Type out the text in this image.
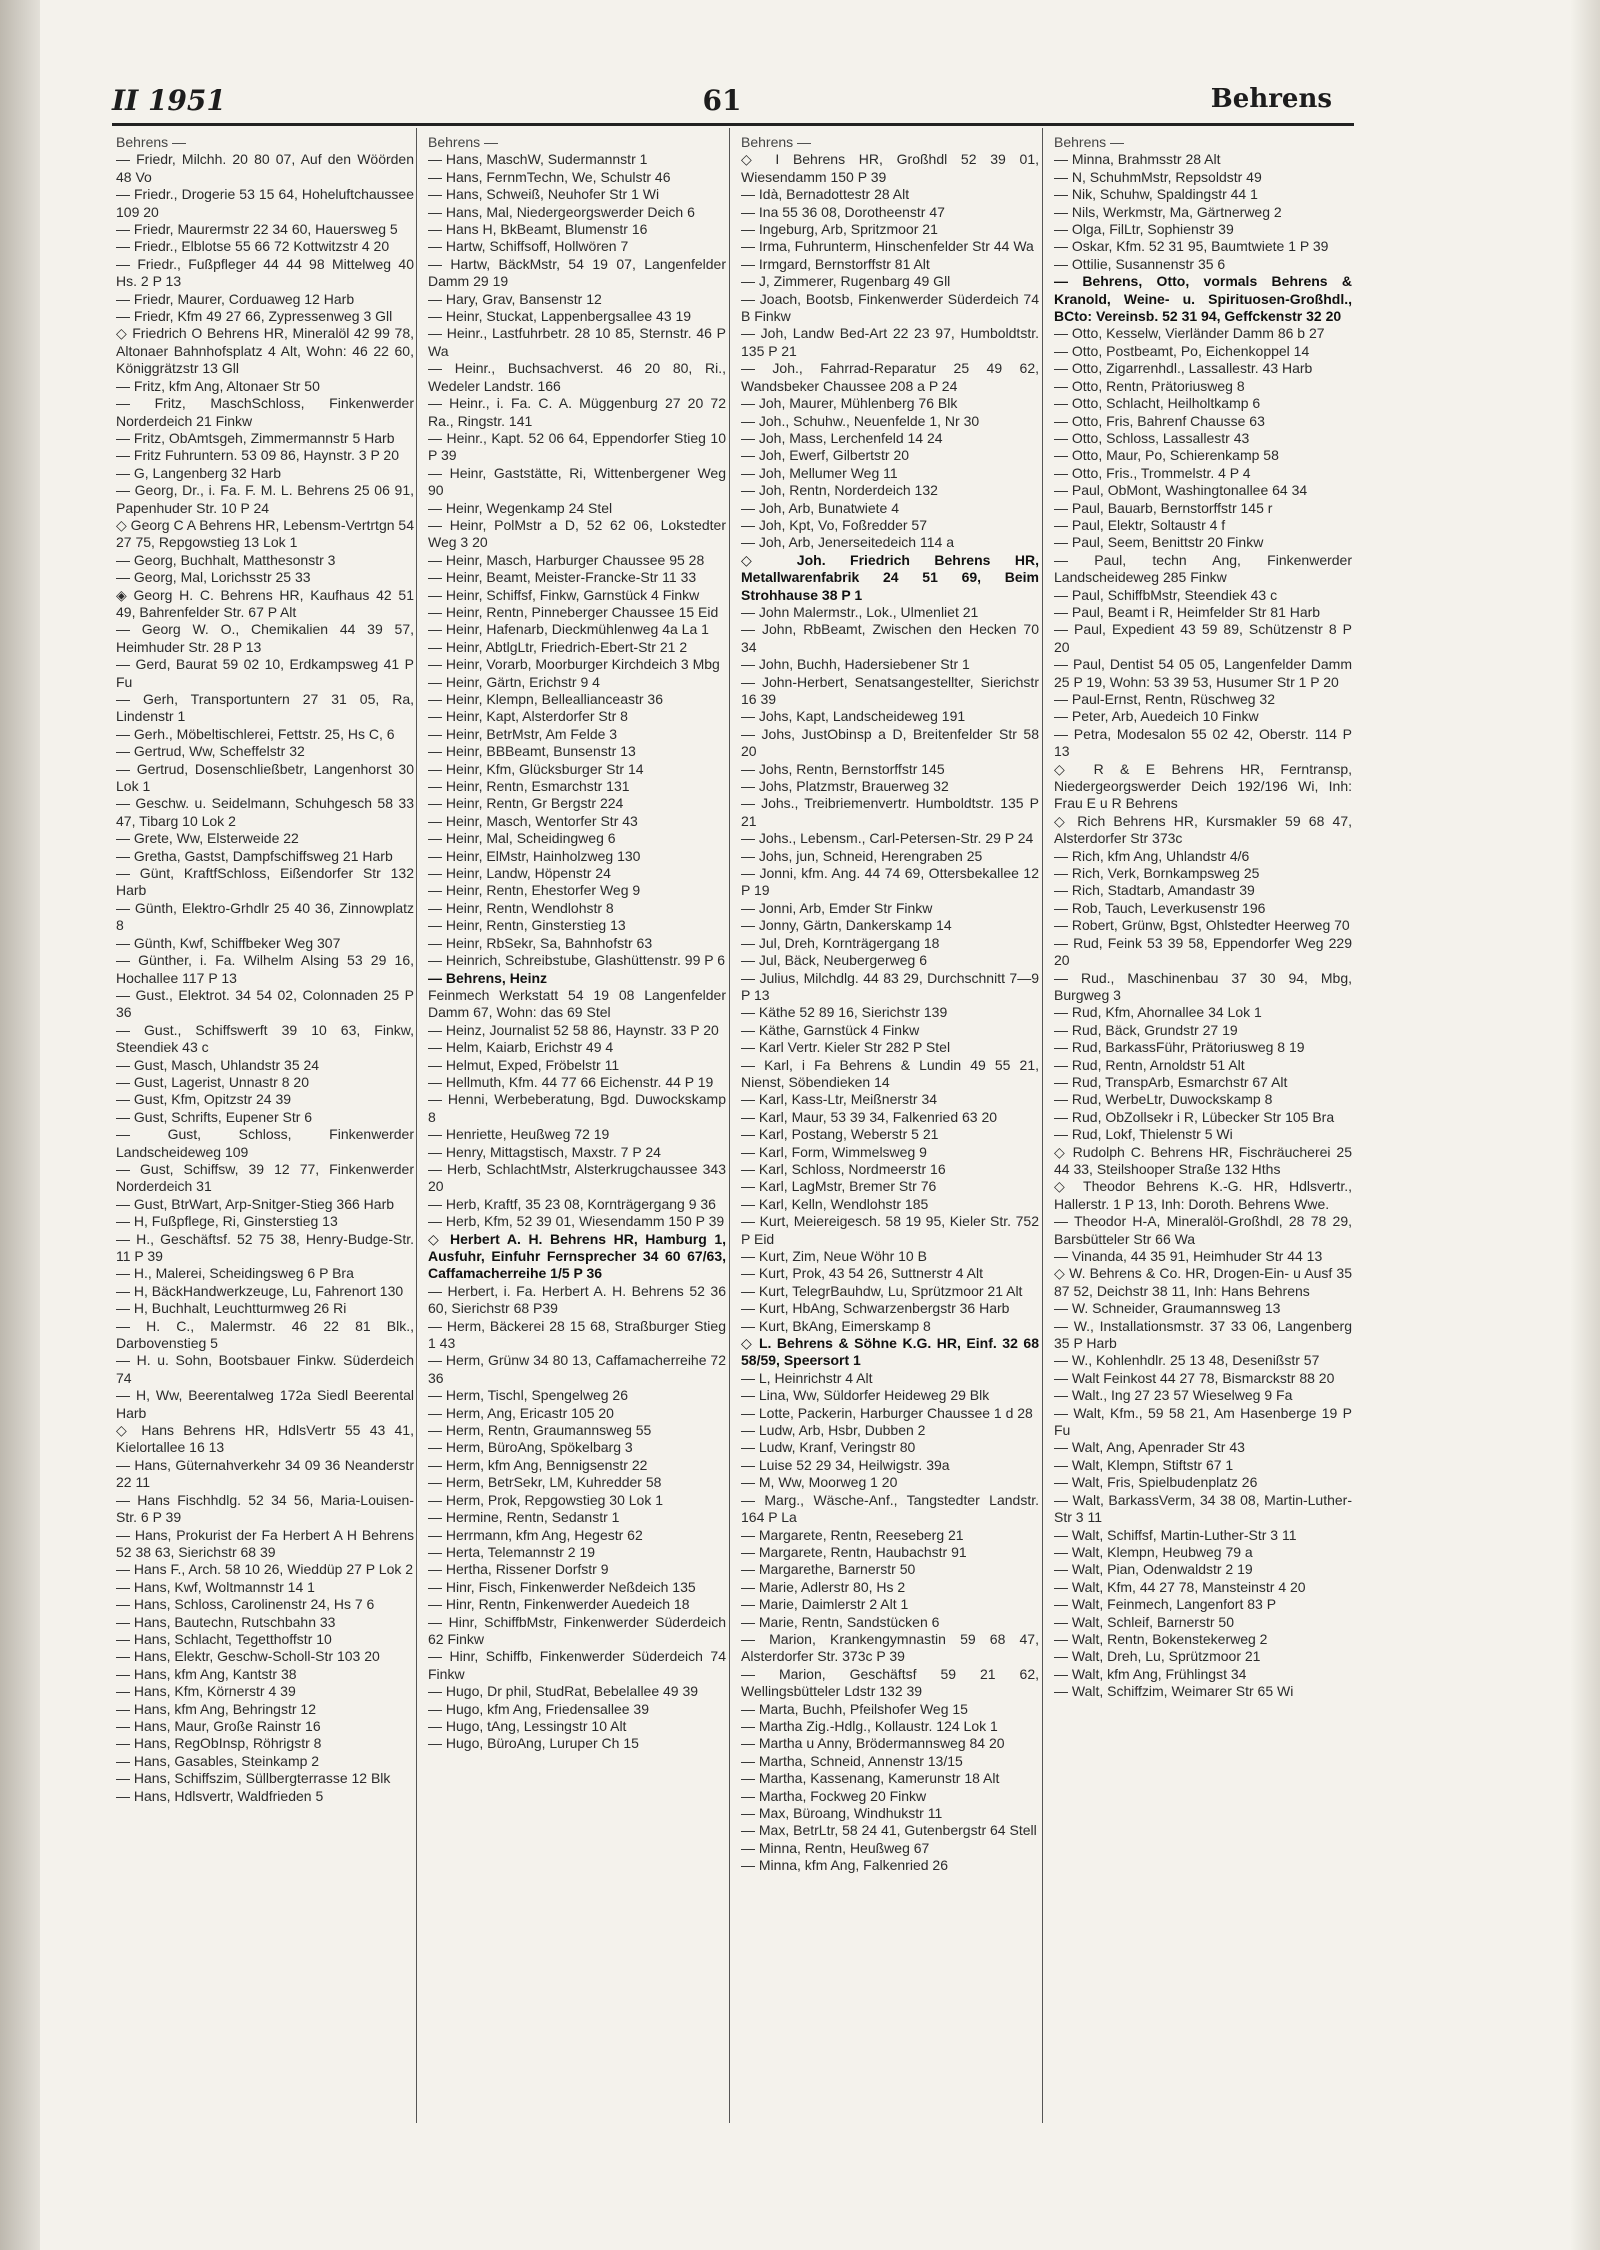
II 1951	61	Behrens
Behrens —
— Friedr, Milchh. 20 80 07, Auf den Wöörden 48 Vo
— Friedr., Drogerie 53 15 64, Hoheluftchaussee 109 20
— Friedr, Maurermstr 22 34 60, Hauersweg 5
— Friedr., Elblotse 55 66 72 Kottwitzstr 4 20
— Friedr., Fußpfleger 44 44 98 Mittelweg 40 Hs. 2 P 13
— Friedr, Maurer, Corduaweg 12 Harb
— Friedr, Kfm 49 27 66, Zypressenweg 3 Gll
◇ Friedrich O Behrens HR, Mineralöl 42 99 78, Altonaer Bahnhofsplatz 4 Alt, Wohn: 46 22 60, Königgrätzstr 13 Gll
— Fritz, kfm Ang, Altonaer Str 50
— Fritz, MaschSchloss, Finkenwerder Norderdeich 21 Finkw
— Fritz, ObAmtsgeh, Zimmermannstr 5 Harb
— Fritz Fuhruntern. 53 09 86, Haynstr. 3 P 20
— G, Langenberg 32 Harb
— Georg, Dr., i. Fa. F. M. L. Behrens 25 06 91, Papenhuder Str. 10 P 24
◇ Georg C A Behrens HR, Lebensm-Vertrtgn 54 27 75, Repgowstieg 13 Lok 1
— Georg, Buchhalt, Matthesonstr 3
— Georg, Mal, Lorichsstr 25 33
◈ Georg H. C. Behrens HR, Kaufhaus 42 51 49, Bahrenfelder Str. 67 P Alt
— Georg W. O., Chemikalien 44 39 57, Heimhuder Str. 28 P 13
— Gerd, Baurat 59 02 10, Erdkampsweg 41 P Fu
— Gerh, Transportuntern 27 31 05, Ra, Lindenstr 1
— Gerh., Möbeltischlerei, Fettstr. 25, Hs C, 6
— Gertrud, Ww, Scheffelstr 32
— Gertrud, Dosenschließbetr, Langenhorst 30 Lok 1
— Geschw. u. Seidelmann, Schuhgesch 58 33 47, Tibarg 10 Lok 2
— Grete, Ww, Elsterweide 22
— Gretha, Gastst, Dampfschiffsweg 21 Harb
— Günt, KraftfSchloss, Eißendorfer Str 132 Harb
— Günth, Elektro-Grhdlr 25 40 36, Zinnowplatz 8
— Günth, Kwf, Schiffbeker Weg 307
— Günther, i. Fa. Wilhelm Alsing 53 29 16, Hochallee 117 P 13
— Gust., Elektrot. 34 54 02, Colonnaden 25 P 36
— Gust., Schiffswerft 39 10 63, Finkw, Steendiek 43 c
— Gust, Masch, Uhlandstr 35 24
— Gust, Lagerist, Unnastr 8 20
— Gust, Kfm, Opitzstr 24 39
— Gust, Schrifts, Eupener Str 6
— Gust, Schloss, Finkenwerder Landscheideweg 109
— Gust, Schiffsw, 39 12 77, Finkenwerder Norderdeich 31
— Gust, BtrWart, Arp-Snitger-Stieg 366 Harb
— H, Fußpflege, Ri, Ginsterstieg 13
— H., Geschäftsf. 52 75 38, Henry-Budge-Str. 11 P 39
— H., Malerei, Scheidingsweg 6 P Bra
— H, BäckHandwerkzeuge, Lu, Fahrenort 130
— H, Buchhalt, Leuchtturmweg 26 Ri
— H. C., Malermstr. 46 22 81 Blk., Darbovenstieg 5
— H. u. Sohn, Bootsbauer Finkw. Süderdeich 74
— H, Ww, Beerentalweg 172a Siedl Beerental Harb
◇ Hans Behrens HR, HdlsVertr 55 43 41, Kielortallee 16 13
— Hans, Güternahverkehr 34 09 36 Neanderstr 22 11
— Hans Fischhdlg. 52 34 56, Maria-Louisen-Str. 6 P 39
— Hans, Prokurist der Fa Herbert A H Behrens 52 38 63, Sierichstr 68 39
— Hans F., Arch. 58 10 26, Wieddüp 27 P Lok 2
— Hans, Kwf, Woltmannstr 14 1
— Hans, Schloss, Carolinenstr 24, Hs 7 6
— Hans, Bautechn, Rutschbahn 33
— Hans, Schlacht, Tegetthoffstr 10
— Hans, Elektr, Geschw-Scholl-Str 103 20
— Hans, kfm Ang, Kantstr 38
— Hans, Kfm, Körnerstr 4 39
— Hans, kfm Ang, Behringstr 12
— Hans, Maur, Große Rainstr 16
— Hans, RegObInsp, Röhrigstr 8
— Hans, Gasables, Steinkamp 2
— Hans, Schiffszim, Süllbergterrasse 12 Blk
— Hans, Hdlsvertr, Waldfrieden 5
Behrens —
— Hans, MaschW, Sudermannstr 1
— Hans, FernmTechn, We, Schulstr 46
— Hans, Schweiß, Neuhofer Str 1 Wi
— Hans, Mal, Niedergeorgswerder Deich 6
— Hans H, BkBeamt, Blumenstr 16
— Hartw, Schiffsoff, Hollwören 7
— Hartw, BäckMstr, 54 19 07, Langenfelder Damm 29 19
— Hary, Grav, Bansenstr 12
— Heinr, Stuckat, Lappenbergsallee 43 19
— Heinr., Lastfuhrbetr. 28 10 85, Sternstr. 46 P Wa
— Heinr., Buchsachverst. 46 20 80, Ri., Wedeler Landstr. 166
— Heinr., i. Fa. C. A. Müggenburg 27 20 72 Ra., Ringstr. 141
— Heinr., Kapt. 52 06 64, Eppendorfer Stieg 10 P 39
— Heinr, Gaststätte, Ri, Wittenbergener Weg 90
— Heinr, Wegenkamp 24 Stel
— Heinr, PolMstr a D, 52 62 06, Lokstedter Weg 3 20
— Heinr, Masch, Harburger Chaussee 95 28
— Heinr, Beamt, Meister-Francke-Str 11 33
— Heinr, Schiffsf, Finkw, Garnstück 4 Finkw
— Heinr, Rentn, Pinneberger Chaussee 15 Eid
— Heinr, Hafenarb, Dieckmühlenweg 4a La 1
— Heinr, AbtlgLtr, Friedrich-Ebert-Str 21 2
— Heinr, Vorarb, Moorburger Kirchdeich 3 Mbg
— Heinr, Gärtn, Erichstr 9 4
— Heinr, Klempn, Belleallianceastr 36
— Heinr, Kapt, Alsterdorfer Str 8
— Heinr, BetrMstr, Am Felde 3
— Heinr, BBBeamt, Bunsenstr 13
— Heinr, Kfm, Glücksburger Str 14
— Heinr, Rentn, Esmarchstr 131
— Heinr, Rentn, Gr Bergstr 224
— Heinr, Masch, Wentorfer Str 43
— Heinr, Mal, Scheidingweg 6
— Heinr, ElMstr, Hainholzweg 130
— Heinr, Landw, Höpenstr 24
— Heinr, Rentn, Ehestorfer Weg 9
— Heinr, Rentn, Wendlohstr 8
— Heinr, Rentn, Ginsterstieg 13
— Heinr, RbSekr, Sa, Bahnhofstr 63
— Heinrich, Schreibstube, Glashüttenstr. 99 P 6
— Behrens, Heinz
Feinmech Werkstatt 54 19 08 Langenfelder Damm 67, Wohn: das 69 Stel
— Heinz, Journalist 52 58 86, Haynstr. 33 P 20
— Helm, Kaiarb, Erichstr 49 4
— Helmut, Exped, Fröbelstr 11
— Hellmuth, Kfm. 44 77 66 Eichenstr. 44 P 19
— Henni, Werbeberatung, Bgd. Duwockskamp 8
— Henriette, Heußweg 72 19
— Henry, Mittagstisch, Maxstr. 7 P 24
— Herb, SchlachtMstr, Alsterkrugchaussee 343 20
— Herb, Kraftf, 35 23 08, Kornträgergang 9 36
— Herb, Kfm, 52 39 01, Wiesendamm 150 P 39
◇ Herbert A. H. Behrens HR, Hamburg 1, Ausfuhr, Einfuhr Fernsprecher 34 60 67/63, Caffamacherreihe 1/5 P 36
— Herbert, i. Fa. Herbert A. H. Behrens 52 36 60, Sierichstr 68 P39
— Herm, Bäckerei 28 15 68, Straßburger Stieg 1 43
— Herm, Grünw 34 80 13, Caffamacherreihe 72 36
— Herm, Tischl, Spengelweg 26
— Herm, Ang, Ericastr 105 20
— Herm, Rentn, Graumannsweg 55
— Herm, BüroAng, Spökelbarg 3
— Herm, kfm Ang, Bennigsenstr 22
— Herm, BetrSekr, LM, Kuhredder 58
— Herm, Prok, Repgowstieg 30 Lok 1
— Hermine, Rentn, Sedanstr 1
— Herrmann, kfm Ang, Hegestr 62
— Herta, Telemannstr 2 19
— Hertha, Rissener Dorfstr 9
— Hinr, Fisch, Finkenwerder Neßdeich 135
— Hinr, Rentn, Finkenwerder Auedeich 18
— Hinr, SchiffbMstr, Finkenwerder Süderdeich 62 Finkw
— Hinr, Schiffb, Finkenwerder Süderdeich 74 Finkw
— Hugo, Dr phil, StudRat, Bebelallee 49 39
— Hugo, kfm Ang, Friedensallee 39
— Hugo, tAng, Lessingstr 10 Alt
— Hugo, BüroAng, Luruper Ch 15
Behrens —
◇ I Behrens HR, Großhdl 52 39 01, Wiesendamm 150 P 39
— Idà, Bernadottestr 28 Alt
— Ina 55 36 08, Dorotheenstr 47
— Ingeburg, Arb, Spritzmoor 21
— Irma, Fuhrunterm, Hinschenfelder Str 44 Wa
— Irmgard, Bernstorffstr 81 Alt
— J, Zimmerer, Rugenbarg 49 Gll
— Joach, Bootsb, Finkenwerder Süderdeich 74 B Finkw
— Joh, Landw Bed-Art 22 23 97, Humboldtstr. 135 P 21
— Joh., Fahrrad-Reparatur 25 49 62, Wandsbeker Chaussee 208 a P 24
— Joh, Maurer, Mühlenberg 76 Blk
— Joh., Schuhw., Neuenfelde 1, Nr 30
— Joh, Mass, Lerchenfeld 14 24
— Joh, Ewerf, Gilbertstr 20
— Joh, Mellumer Weg 11
— Joh, Rentn, Norderdeich 132
— Joh, Arb, Bunatwiete 4
— Joh, Kpt, Vo, Foßredder 57
— Joh, Arb, Jenerseitedeich 114 a
◇ Joh. Friedrich Behrens HR, Metallwarenfabrik 24 51 69, Beim Strohhause 38 P 1
— John Malermstr., Lok., Ulmenliet 21
— John, RbBeamt, Zwischen den Hecken 70 34
— John, Buchh, Hadersiebener Str 1
— John-Herbert, Senatsangestellter, Sierichstr 16 39
— Johs, Kapt, Landscheideweg 191
— Johs, JustObinsp a D, Breitenfelder Str 58 20
— Johs, Rentn, Bernstorffstr 145
— Johs, Platzmstr, Brauerweg 32
— Johs., Treibriemenvertr. Humboldtstr. 135 P 21
— Johs., Lebensm., Carl-Petersen-Str. 29 P 24
— Johs, jun, Schneid, Herengraben 25
— Jonni, kfm. Ang. 44 74 69, Ottersbekallee 12 P 19
— Jonni, Arb, Emder Str Finkw
— Jonny, Gärtn, Dankerskamp 14
— Jul, Dreh, Kornträgergang 18
— Jul, Bäck, Neubergerweg 6
— Julius, Milchdlg. 44 83 29, Durchschnitt 7—9 P 13
— Käthe 52 89 16, Sierichstr 139
— Käthe, Garnstück 4 Finkw
— Karl Vertr. Kieler Str 282 P Stel
— Karl, i Fa Behrens & Lundin 49 55 21, Nienst, Söbendieken 14
— Karl, Kass-Ltr, Meißnerstr 34
— Karl, Maur, 53 39 34, Falkenried 63 20
— Karl, Postang, Weberstr 5 21
— Karl, Form, Wimmelsweg 9
— Karl, Schloss, Nordmeerstr 16
— Karl, LagMstr, Bremer Str 76
— Karl, Kelln, Wendlohstr 185
— Kurt, Meiereigesch. 58 19 95, Kieler Str. 752 P Eid
— Kurt, Zim, Neue Wöhr 10 B
— Kurt, Prok, 43 54 26, Suttnerstr 4 Alt
— Kurt, TelegrBauhdw, Lu, Sprützmoor 21 Alt
— Kurt, HbAng, Schwarzenbergstr 36 Harb
— Kurt, BkAng, Eimerskamp 8
◇ L. Behrens & Söhne K.G. HR, Einf. 32 68 58/59, Speersort 1
— L, Heinrichstr 4 Alt
— Lina, Ww, Süldorfer Heideweg 29 Blk
— Lotte, Packerin, Harburger Chaussee 1 d 28
— Ludw, Arb, Hsbr, Dubben 2
— Ludw, Kranf, Veringstr 80
— Luise 52 29 34, Heilwigstr. 39a
— M, Ww, Moorweg 1 20
— Marg., Wäsche-Anf., Tangstedter Landstr. 164 P La
— Margarete, Rentn, Reeseberg 21
— Margarete, Rentn, Haubachstr 91
— Margarethe, Barnerstr 50
— Marie, Adlerstr 80, Hs 2
— Marie, Daimlerstr 2 Alt 1
— Marie, Rentn, Sandstücken 6
— Marion, Krankengymnastin 59 68 47, Alsterdorfer Str. 373c P 39
— Marion, Geschäftsf 59 21 62, Wellingsbütteler Ldstr 132 39
— Marta, Buchh, Pfeilshofer Weg 15
— Martha Zig.-Hdlg., Kollaustr. 124 Lok 1
— Martha u Anny, Brödermannsweg 84 20
— Martha, Schneid, Annenstr 13/15
— Martha, Kassenang, Kamerunstr 18 Alt
— Martha, Fockweg 20 Finkw
— Max, Büroang, Windhukstr 11
— Max, BetrLtr, 58 24 41, Gutenbergstr 64 Stell
— Minna, Rentn, Heußweg 67
— Minna, kfm Ang, Falkenried 26
Behrens —
— Minna, Brahmsstr 28 Alt
— N, SchuhmMstr, Repsoldstr 49
— Nik, Schuhw, Spaldingstr 44 1
— Nils, Werkmstr, Ma, Gärtnerweg 2
— Olga, FilLtr, Sophienstr 39
— Oskar, Kfm. 52 31 95, Baumtwiete 1 P 39
— Ottilie, Susannenstr 35 6
— Behrens, Otto, vormals Behrens & Kranold, Weine- u. Spirituosen-Großhdl., BCto: Vereinsb. 52 31 94, Geffckenstr 32 20
— Otto, Kesselw, Vierländer Damm 86 b 27
— Otto, Postbeamt, Po, Eichenkoppel 14
— Otto, Zigarrenhdl., Lassallestr. 43 Harb
— Otto, Rentn, Prätoriusweg 8
— Otto, Schlacht, Heilholtkamp 6
— Otto, Fris, Bahrenf Chausse 63
— Otto, Schloss, Lassallestr 43
— Otto, Maur, Po, Schierenkamp 58
— Otto, Fris., Trommelstr. 4 P 4
— Paul, ObMont, Washingtonallee 64 34
— Paul, Bauarb, Bernstorffstr 145 r
— Paul, Elektr, Soltaustr 4 f
— Paul, Seem, Benittstr 20 Finkw
— Paul, techn Ang, Finkenwerder Landscheideweg 285 Finkw
— Paul, SchiffbMstr, Steendiek 43 c
— Paul, Beamt i R, Heimfelder Str 81 Harb
— Paul, Expedient 43 59 89, Schützenstr 8 P 20
— Paul, Dentist 54 05 05, Langenfelder Damm 25 P 19, Wohn: 53 39 53, Husumer Str 1 P 20
— Paul-Ernst, Rentn, Rüschweg 32
— Peter, Arb, Auedeich 10 Finkw
— Petra, Modesalon 55 02 42, Oberstr. 114 P 13
◇ R & E Behrens HR, Ferntransp, Niedergeorgswerder Deich 192/196 Wi, Inh: Frau E u R Behrens
◇ Rich Behrens HR, Kursmakler 59 68 47, Alsterdorfer Str 373c
— Rich, kfm Ang, Uhlandstr 4/6
— Rich, Verk, Bornkampsweg 25
— Rich, Stadtarb, Amandastr 39
— Rob, Tauch, Leverkusenstr 196
— Robert, Grünw, Bgst, Ohlstedter Heerweg 70
— Rud, Feink 53 39 58, Eppendorfer Weg 229 20
— Rud., Maschinenbau 37 30 94, Mbg, Burgweg 3
— Rud, Kfm, Ahornallee 34 Lok 1
— Rud, Bäck, Grundstr 27 19
— Rud, BarkassFühr, Prätoriusweg 8 19
— Rud, Rentn, Arnoldstr 51 Alt
— Rud, TranspArb, Esmarchstr 67 Alt
— Rud, WerbeLtr, Duwockskamp 8
— Rud, ObZollsekr i R, Lübecker Str 105 Bra
— Rud, Lokf, Thielenstr 5 Wi
◇ Rudolph C. Behrens HR, Fischräucherei 25 44 33, Steilshooper Straße 132 Hths
◇ Theodor Behrens K.-G. HR, Hdlsvertr., Hallerstr. 1 P 13, Inh: Doroth. Behrens Wwe.
— Theodor H-A, Mineralöl-Großhdl, 28 78 29, Barsbütteler Str 66 Wa
— Vinanda, 44 35 91, Heimhuder Str 44 13
◇ W. Behrens & Co. HR, Drogen-Ein- u Ausf 35 87 52, Deichstr 38 11, Inh: Hans Behrens
— W. Schneider, Graumannsweg 13
— W., Installationsmstr. 37 33 06, Langenberg 35 P Harb
— W., Kohlenhdlr. 25 13 48, Desenißstr 57
— Walt Feinkost 44 27 78, Bismarckstr 88 20
— Walt., Ing 27 23 57 Wieselweg 9 Fa
— Walt, Kfm., 59 58 21, Am Hasenberge 19 P Fu
— Walt, Ang, Apenrader Str 43
— Walt, Klempn, Stiftstr 67 1
— Walt, Fris, Spielbudenplatz 26
— Walt, BarkassVerm, 34 38 08, Martin-Luther-Str 3 11
— Walt, Schiffsf, Martin-Luther-Str 3 11
— Walt, Klempn, Heubweg 79 a
— Walt, Pian, Odenwaldstr 2 19
— Walt, Kfm, 44 27 78, Mansteinstr 4 20
— Walt, Feinmech, Langenfort 83 P
— Walt, Schleif, Barnerstr 50
— Walt, Rentn, Bokenstekerweg 2
— Walt, Dreh, Lu, Sprützmoor 21
— Walt, kfm Ang, Frühlingst 34
— Walt, Schiffzim, Weimarer Str 65 Wi
